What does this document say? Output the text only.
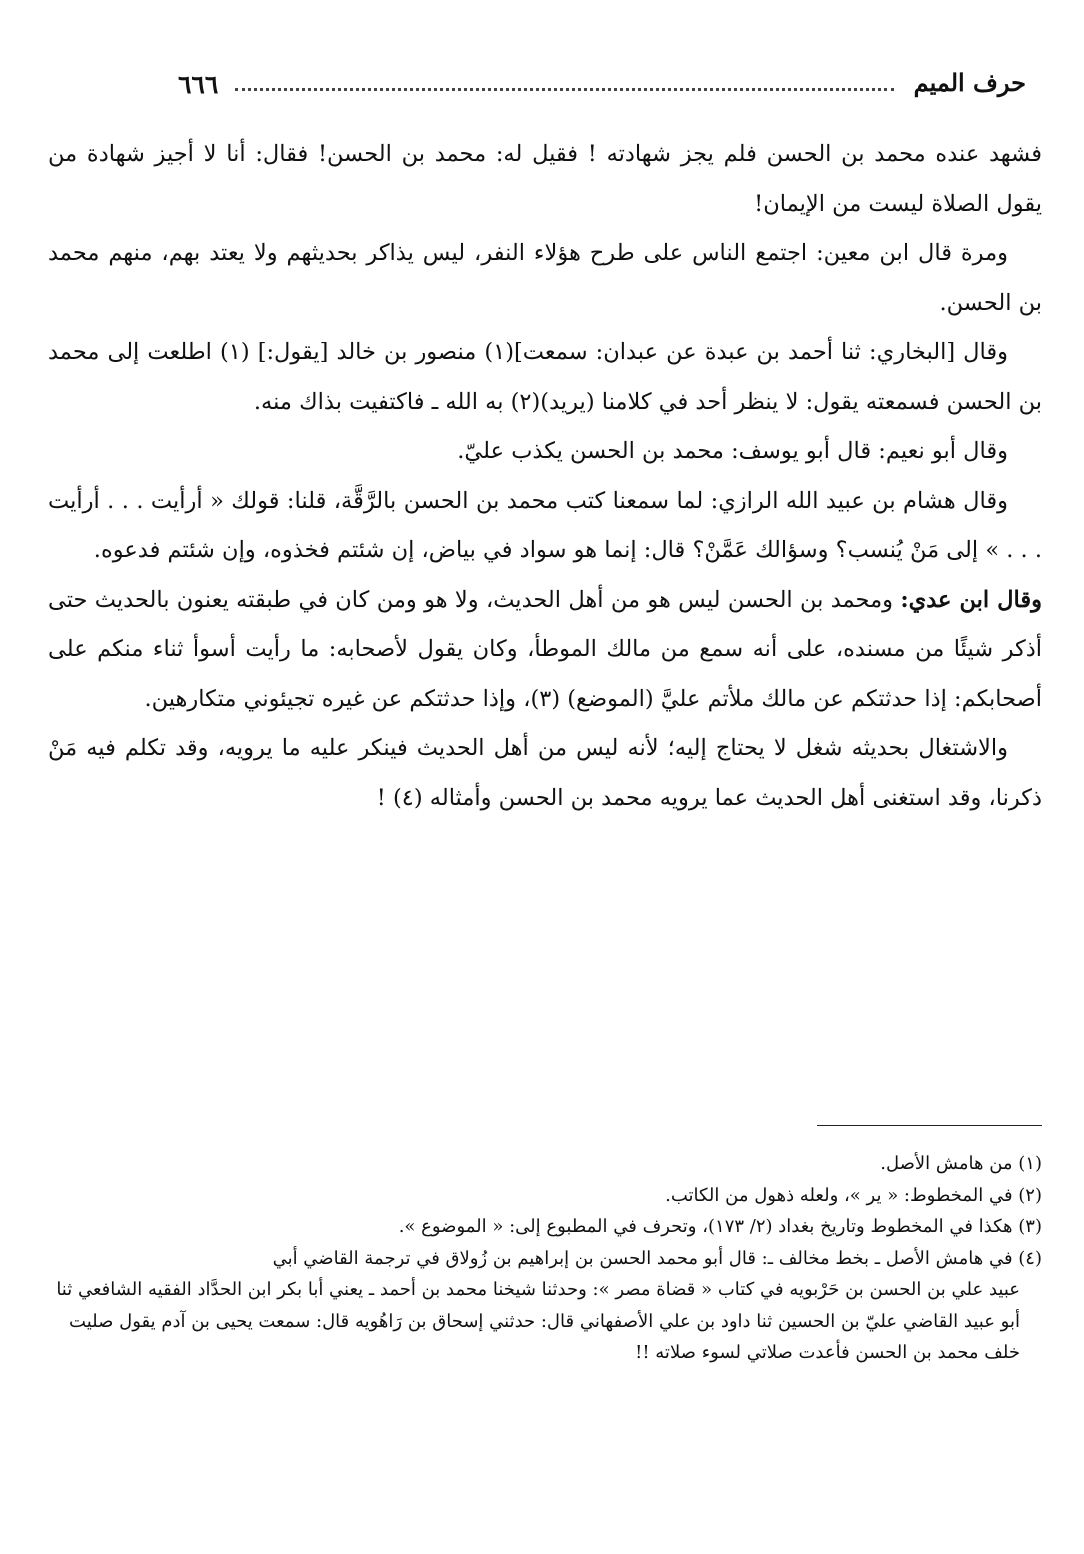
حرف الميم
٦٦٦

فشهد عنده محمد بن الحسن فلم يجز شهادته ! فقيل له: محمد بن الحسن! فقال: أنا لا أجيز شهادة من يقول الصلاة ليست من الإيمان!

ومرة قال ابن معين: اجتمع الناس على طرح هؤلاء النفر، ليس يذاكر بحديثهم ولا يعتد بهم، منهم محمد بن الحسن.

وقال [البخاري: ثنا أحمد بن عبدة عن عبدان: سمعت](١) منصور بن خالد [يقول:] (١) اطلعت إلى محمد بن الحسن فسمعته يقول: لا ينظر أحد في كلامنا (يريد)(٢) به الله ـ فاكتفيت بذاك منه.

وقال أبو نعيم: قال أبو يوسف: محمد بن الحسن يكذب عليّ.

وقال هشام بن عبيد الله الرازي: لما سمعنا كتب محمد بن الحسن بالرَّقَّة، قلنا: قولك « أرأيت . . . أرأيت . . . » إلى مَنْ يُنسب؟ وسؤالك عَمَّنْ؟ قال: إنما هو سواد في بياض، إن شئتم فخذوه، وإن شئتم فدعوه.

وقال ابن عدي: ومحمد بن الحسن ليس هو من أهل الحديث، ولا هو ومن كان في طبقته يعنون بالحديث حتى أذكر شيئًا من مسنده، على أنه سمع من مالك الموطأ، وكان يقول لأصحابه: ما رأيت أسوأ ثناء منكم على أصحابكم: إذا حدثتكم عن مالك ملأتم عليَّ (الموضع) (٣)، وإذا حدثتكم عن غيره تجيئوني متكارهين.

والاشتغال بحديثه شغل لا يحتاج إليه؛ لأنه ليس من أهل الحديث فينكر عليه ما يرويه، وقد تكلم فيه مَنْ ذكرنا، وقد استغنى أهل الحديث عما يرويه محمد بن الحسن وأمثاله (٤) !

(١) من هامش الأصل.

(٢) في المخطوط: « ير »، ولعله ذهول من الكاتب.

(٣) هكذا في المخطوط وتاريخ بغداد (٢/ ١٧٣)، وتحرف في المطبوع إلى: « الموضوع ».

(٤) في هامش الأصل ـ بخط مخالف ـ: قال أبو محمد الحسن بن إبراهيم بن زُولاق في ترجمة القاضي أبي

عبيد علي بن الحسن بن حَرْبويه في كتاب « قضاة مصر »: وحدثنا شيخنا محمد بن أحمد ـ يعني أبا بكر ابن الحدَّاد الفقيه الشافعي ثنا أبو عبيد القاضي عليّ بن الحسين ثنا داود بن علي الأصفهاني قال: حدثني إسحاق بن رَاهُويه قال: سمعت يحيى بن آدم يقول صليت خلف محمد بن الحسن فأعدت صلاتي لسوء صلاته !!
